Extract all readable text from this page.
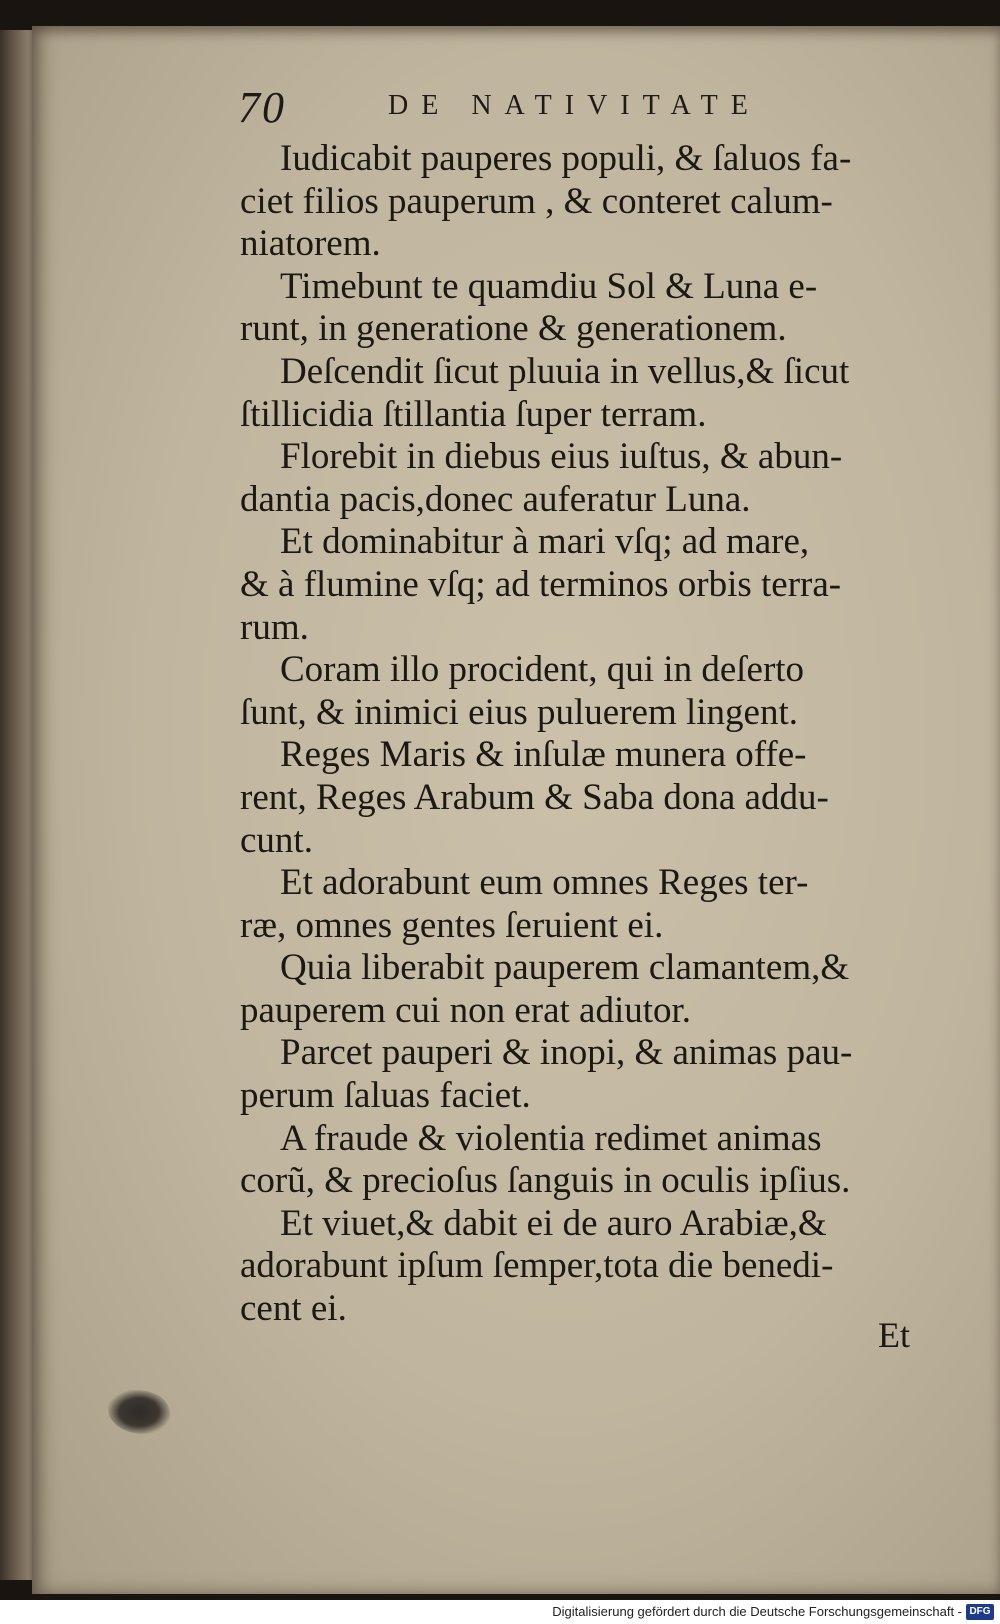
70	DE NATIVITATE

Iudicabit pauperes populi, & ſaluos fa-
ciet filios pauperum , & conteret calum-
niatorem.

Timebunt te quamdiu Sol & Luna e-
runt, in generatione & generationem.

Deſcendit ſicut pluuia in vellus,& ſicut
ſtillicidia ſtillantia ſuper terram.

Florebit in diebus eius iuſtus, & abun-
dantia pacis,donec auferatur Luna.

Et dominabitur à mari vſq; ad mare,
& à flumine vſq; ad terminos orbis terra-
rum.

Coram illo procident, qui in deſerto
ſunt, & inimici eius puluerem lingent.

Reges Maris & inſulæ munera offe-
rent, Reges Arabum & Saba dona addu-
cunt.

Et adorabunt eum omnes Reges ter-
ræ, omnes gentes ſeruient ei.

Quia liberabit pauperem clamantem,&
pauperem cui non erat adiutor.

Parcet pauperi & inopi, & animas pau-
perum ſaluas faciet.

A fraude & violentia redimet animas
corũ, & precioſus ſanguis in oculis ipſius.

Et viuet,& dabit ei de auro Arabiæ,&
adorabunt ipſum ſemper,tota die benedi-
cent ei.

Et
Digitalisierung gefördert durch die Deutsche Forschungsgemeinschaft - DFG
